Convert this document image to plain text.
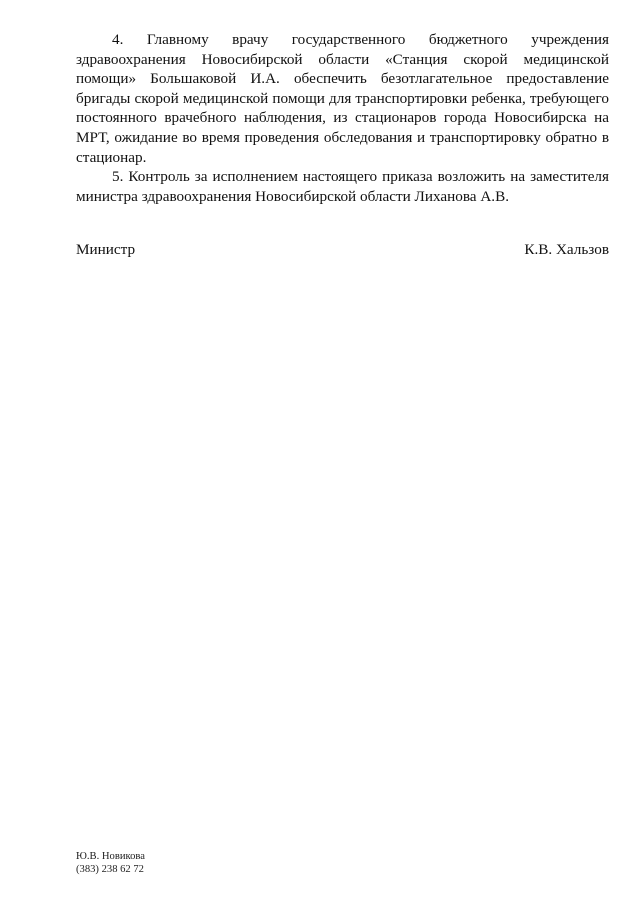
4. Главному врачу государственного бюджетного учреждения здравоохранения Новосибирской области «Станция скорой медицинской помощи» Большаковой И.А. обеспечить безотлагательное предоставление бригады скорой медицинской помощи для транспортировки ребенка, требующего постоянного врачебного наблюдения, из стационаров города Новосибирска на МРТ, ожидание во время проведения обследования и транспортировку обратно в стационар.

5. Контроль за исполнением настоящего приказа возложить на заместителя министра здравоохранения Новосибирской области Лиханова А.В.

Министр	К.В. Хальзов
Ю.В. Новикова
(383) 238 62 72
